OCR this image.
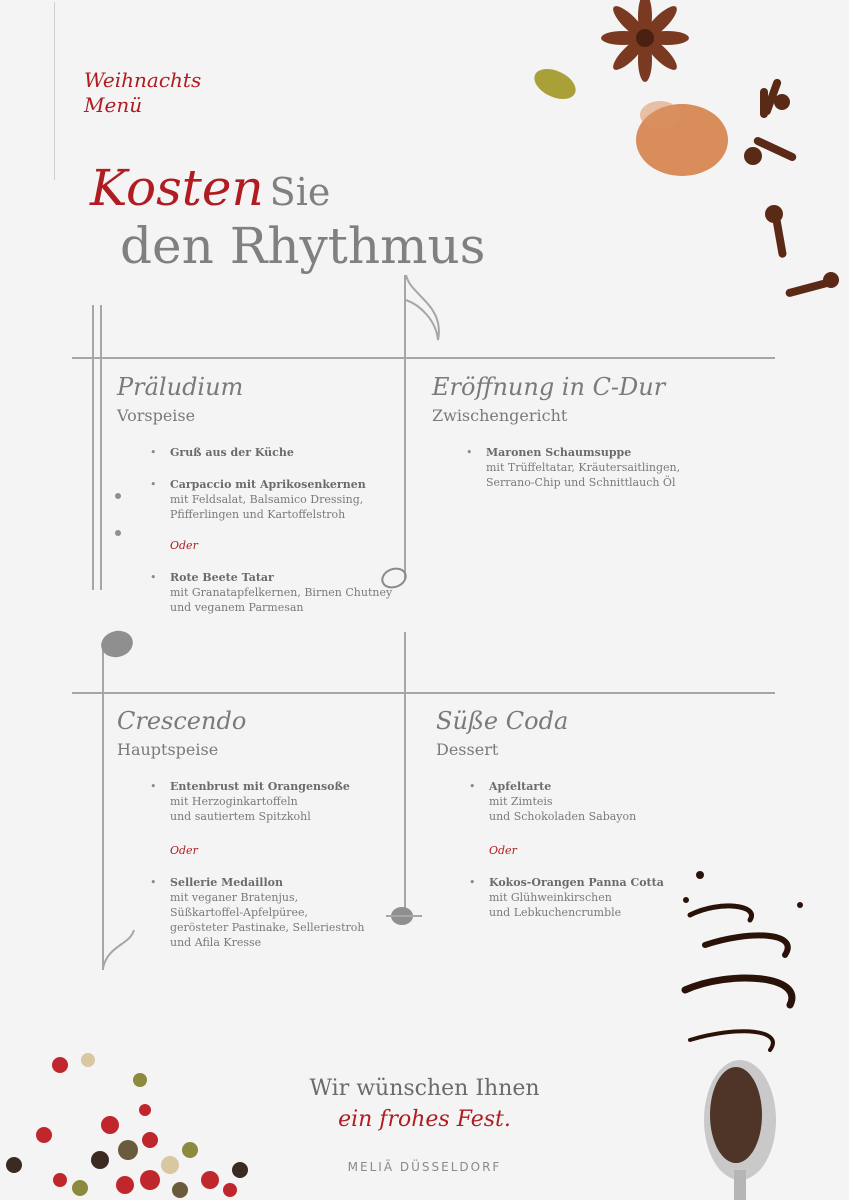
Weihnachts
Menü
Kosten Sie
den Rhythmus
Präludium
Vorspeise
• Gruß aus der Küche
• Carpaccio mit Aprikosenkernen
mit Feldsalat, Balsamico Dressing,
Pfifferlingen und Kartoffelstroh
Oder
• Rote Beete Tatar
mit Granatapfelkernen, Birnen Chutney
und veganem Parmesan
Eröffnung in C-Dur
Zwischengericht
• Maronen Schaumsuppe
mit Trüffeltatar, Kräutersaitlingen,
Serrano-Chip und Schnittlauch Öl
Crescendo
Hauptspeise
• Entenbrust mit Orangensoße
mit Herzoginkartoffeln
und sautiertem Spitzkohl
Oder
• Sellerie Medaillon
mit veganer Bratenjus,
Süßkartoffel-Apfelpüree,
gerösteter Pastinake, Selleriestroh
und Afila Kresse
Süße Coda
Dessert
• Apfeltarte
mit Zimteis
und Schokoladen Sabayon
Oder
• Kokos-Orangen Panna Cotta
mit Glühweinkirschen
und Lebkuchencrumble
Wir wünschen Ihnen
ein frohes Fest.
MELIÃ DÜSSELDORF
